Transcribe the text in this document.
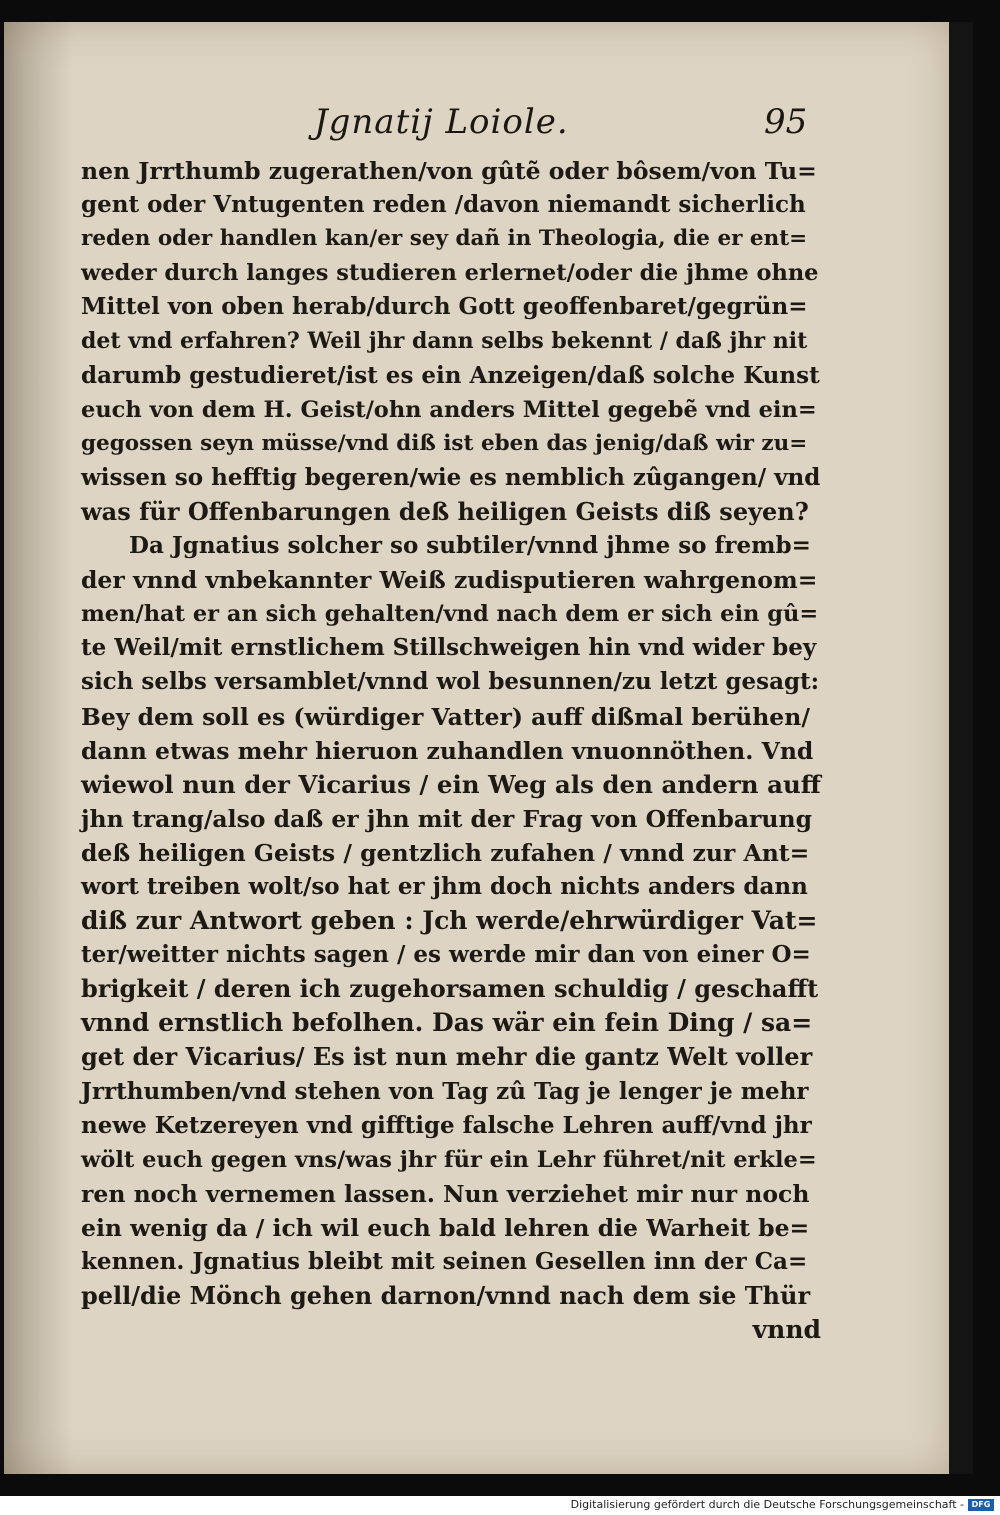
Jgnatij Loiole.	95
nen Jrrthumb zugerathen/von gûtẽ oder bôsem/von Tu=
gent oder Vntugenten reden /davon niemandt sicherlich
reden oder handlen kan/er sey dañ in Theologia, die er ent=
weder durch langes studieren erlernet/oder die jhme ohne
Mittel von oben herab/durch Gott geoffenbaret/gegrün=
det vnd erfahren? Weil jhr dann selbs bekennt / daß jhr nit
darumb gestudieret/ist es ein Anzeigen/daß solche Kunst
euch von dem H. Geist/ohn anders Mittel gegebẽ vnd ein=
gegossen seyn müsse/vnd diß ist eben das jenig/daß wir zu=
wissen so hefftig begeren/wie es nemblich zûgangen/ vnd
was für Offenbarungen deß heiligen Geists diß seyen?
Da Jgnatius solcher so subtiler/vnnd jhme so fremb=
der vnnd vnbekannter Weiß zudisputieren wahrgenom=
men/hat er an sich gehalten/vnd nach dem er sich ein gû=
te Weil/mit ernstlichem Stillschweigen hin vnd wider bey
sich selbs versamblet/vnnd wol besunnen/zu letzt gesagt:
Bey dem soll es (würdiger Vatter) auff dißmal berühen/
dann etwas mehr hieruon zuhandlen vnuonnöthen. Vnd
wiewol nun der Vicarius / ein Weg als den andern auff
jhn trang/also daß er jhn mit der Frag von Offenbarung
deß heiligen Geists / gentzlich zufahen / vnnd zur Ant=
wort treiben wolt/so hat er jhm doch nichts anders dann
diß zur Antwort geben : Jch werde/ehrwürdiger Vat=
ter/weitter nichts sagen / es werde mir dan von einer O=
brigkeit / deren ich zugehorsamen schuldig / geschafft
vnnd ernstlich befolhen. Das wär ein fein Ding / sa=
get der Vicarius/ Es ist nun mehr die gantz Welt voller
Jrrthumben/vnd stehen von Tag zû Tag je lenger je mehr
newe Ketzereyen vnd gifftige falsche Lehren auff/vnd jhr
wölt euch gegen vns/was jhr für ein Lehr führet/nit erkle=
ren noch vernemen lassen. Nun verziehet mir nur noch
ein wenig da / ich wil euch bald lehren die Warheit be=
kennen. Jgnatius bleibt mit seinen Gesellen inn der Ca=
pell/die Mönch gehen darnon/vnnd nach dem sie Thür
vnnd
Digitalisierung gefördert durch die Deutsche Forschungsgemeinschaft - DFG
